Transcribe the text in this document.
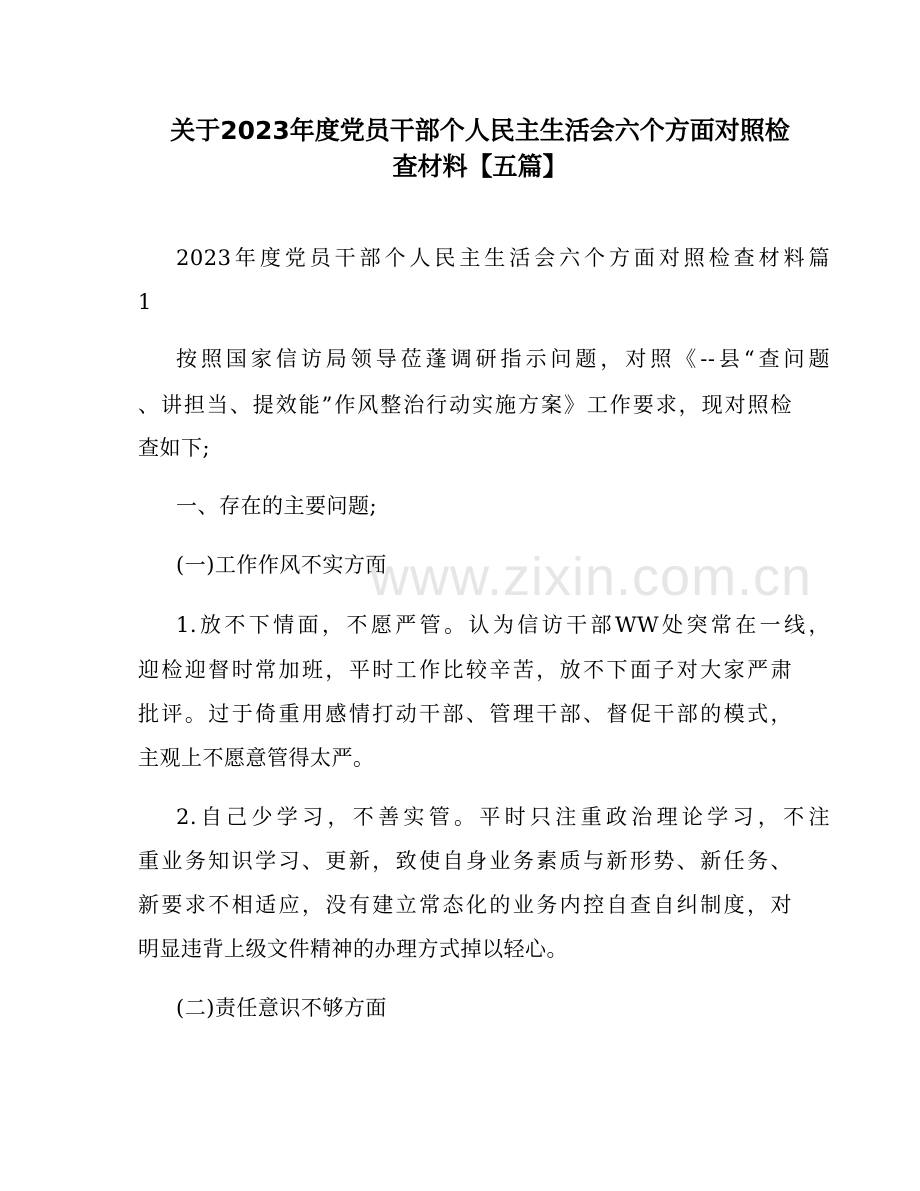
关于2023年度党员干部个人民主生活会六个方面对照检
查材料【五篇】
2023年度党员干部个人民主生活会六个方面对照检查材料篇
1
按照国家信访局领导莅蓬调研指示问题，对照《--县“查问题
、讲担当、提效能”作风整治行动实施方案》工作要求，现对照检
查如下;
一、存在的主要问题;
(一)工作作风不实方面
1.放不下情面，不愿严管。认为信访干部WW处突常在一线，
迎检迎督时常加班，平时工作比较辛苦，放不下面子对大家严肃
批评。过于倚重用感情打动干部、管理干部、督促干部的模式，
主观上不愿意管得太严。
2.自己少学习，不善实管。平时只注重政治理论学习，不注
重业务知识学习、更新，致使自身业务素质与新形势、新任务、
新要求不相适应，没有建立常态化的业务内控自查自纠制度，对
明显违背上级文件精神的办理方式掉以轻心。
(二)责任意识不够方面
www.zixin.com.cn
